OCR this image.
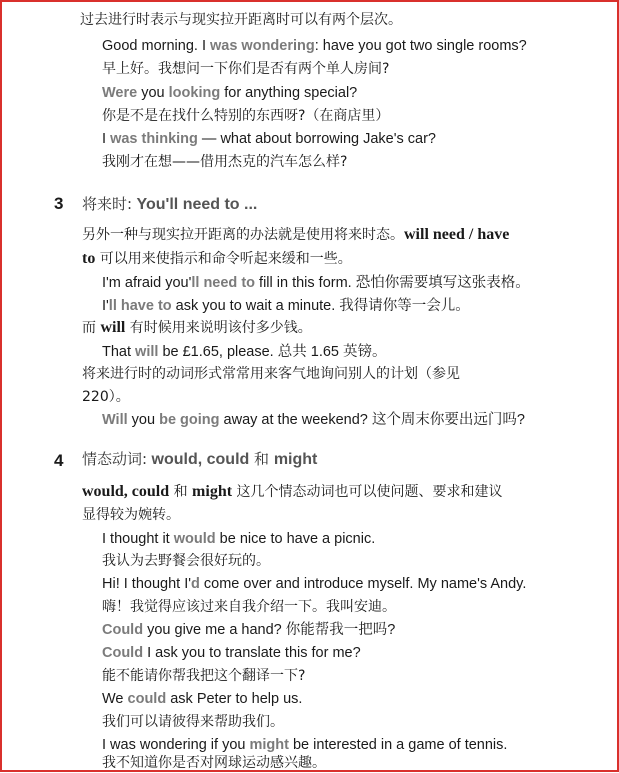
过去进行时表示与现实拉开距离时可以有两个层次。
Good morning. I was wondering: have you got two single rooms?
早上好。我想问一下你们是否有两个单人房间?
Were you looking for anything special?
你是不是在找什么特别的东西呀?（在商店里）
I was thinking — what about borrowing Jake's car?
我刚才在想——借用杰克的汽车怎么样?
3 将来时: You'll need to ...
另外一种与现实拉开距离的办法就是使用将来时态。will need / have
to 可以用来使指示和命令听起来缓和一些。
I'm afraid you'll need to fill in this form. 恐怕你需要填写这张表格。
I'll have to ask you to wait a minute. 我得请你等一会儿。
而 will 有时候用来说明该付多少钱。
That will be £1.65, please. 总共 1.65 英镑。
将来进行时的动词形式常常用来客气地询问别人的计划（参见
220）。
Will you be going away at the weekend? 这个周末你要出远门吗?
4 情态动词: would, could 和 might
would, could 和 might 这几个情态动词也可以使问题、要求和建议
显得较为婉转。
I thought it would be nice to have a picnic.
我认为去野餐会很好玩的。
Hi! I thought I'd come over and introduce myself. My name's Andy.
嗨！我觉得应该过来自我介绍一下。我叫安迪。
Could you give me a hand? 你能帮我一把吗?
Could I ask you to translate this for me?
能不能请你帮我把这个翻译一下?
We could ask Peter to help us.
我们可以请彼得来帮助我们。
I was wondering if you might be interested in a game of tennis.
我不知道你是否对网球运动感兴趣。
